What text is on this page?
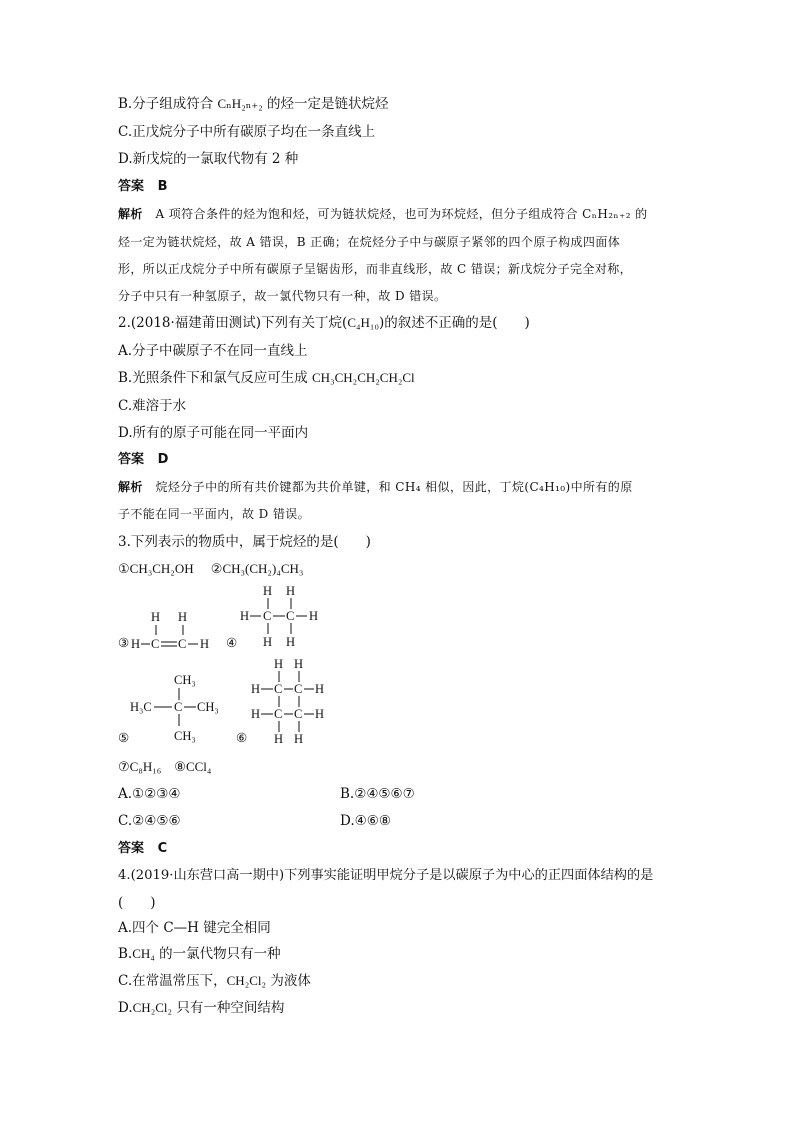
B.分子组成符合 CₙH₂ₙ₊₂ 的烃一定是链状烷烃
C.正戊烷分子中所有碳原子均在一条直线上
D.新戊烷的一氯取代物有 2 种
答案 B
解析 A 项符合条件的烃为饱和烃，可为链状烷烃，也可为环烷烃，但分子组成符合 CₙH₂ₙ₊₂ 的
烃一定为链状烷烃，故 A 错误，B 正确；在烷烃分子中与碳原子紧邻的四个原子构成四面体
形，所以正戊烷分子中所有碳原子呈锯齿形，而非直线形，故 C 错误；新戊烷分子完全对称，
分子中只有一种氢原子，故一氯代物只有一种，故 D 错误。
2.(2018·福建莆田测试)下列有关丁烷(C₄H₁₀)的叙述不正确的是(　　)
A.分子中碳原子不在同一直线上
B.光照条件下和氯气反应可生成 CH₃CH₂CH₂CH₂Cl
C.难溶于水
D.所有的原子可能在同一平面内
答案 D
解析 烷烃分子中的所有共价键都为共价单键，和 CH₄ 相似，因此，丁烷(C₄H₁₀)中所有的原
子不能在同一平面内，故 D 错误。
3.下列表示的物质中，属于烷烃的是(　　)
①CH₃CH₂OH ②CH₃(CH₂)₄CH₃
③
H H
H C C H ④
H H
H C C H
H H
CH₃
H₃C C CH₃
CH₃
⑤	⑥
H H
H C C H
H C C H
H H
⑦C₈H₁₆　⑧CCl₄
A.①②③④	B.②④⑤⑥⑦
C.②④⑤⑥	D.④⑥⑧
答案 C
4.(2019·山东营口高一期中)下列事实能证明甲烷分子是以碳原子为中心的正四面体结构的是
(　　)
A.四个 C—H 键完全相同
B.CH₄ 的一氯代物只有一种
C.在常温常压下，CH₂Cl₂ 为液体
D.CH₂Cl₂ 只有一种空间结构
